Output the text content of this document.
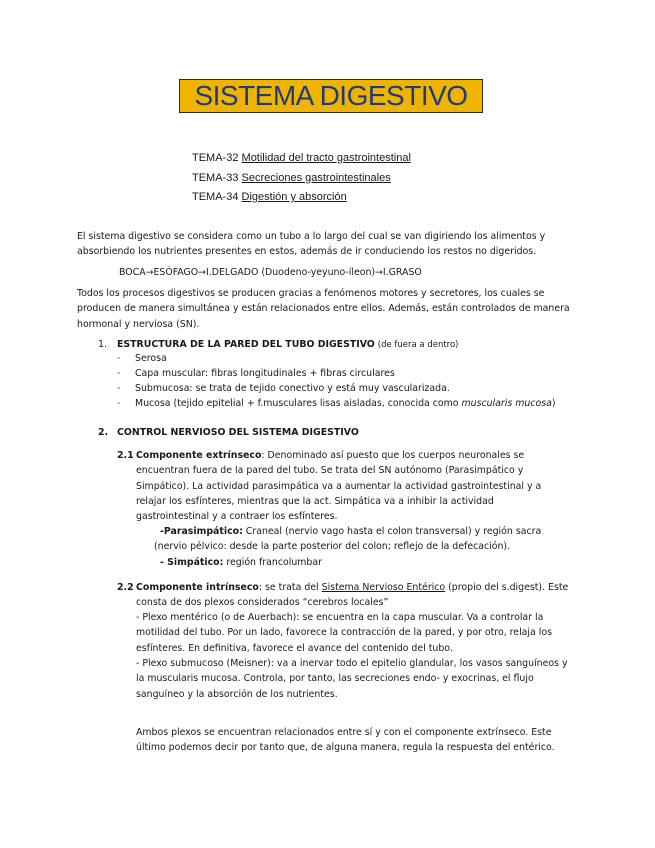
SISTEMA DIGESTIVO
TEMA-32 Motilidad del tracto gastrointestinal
TEMA-33 Secreciones gastrointestinales
TEMA-34 Digestión y absorción

El sistema digestivo se considera como un tubo a lo largo del cual se van digiriendo los alimentos y absorbiendo los nutrientes presentes en estos, además de ir conduciendo los restos no digeridos.

BOCA→ESÓFAGO→I.DELGADO (Duodeno-yeyuno-íleon)→I.GRASO

Todos los procesos digestivos se producen gracias a fenómenos motores y secretores, los cuales se producen de manera simultánea y están relacionados entre ellos. Además, están controlados de manera hormonal y nerviosa (SN).

1. ESTRUCTURA DE LA PARED DEL TUBO DIGESTIVO (de fuera a dentro)
- Serosa
- Capa muscular: fibras longitudinales + fibras circulares
- Submucosa: se trata de tejido conectivo y está muy vascularizada.
- Mucosa (tejido epitelial + f.musculares lisas aisladas, conocida como muscularis mucosa)
2. CONTROL NERVIOSO DEL SISTEMA DIGESTIVO
2.1 Componente extrínseco: Denominado así puesto que los cuerpos neuronales se encuentran fuera de la pared del tubo. Se trata del SN autónomo (Parasimpático y Simpático). La actividad parasimpática va a aumentar la actividad gastrointestinal y a relajar los esfínteres, mientras que la act. Simpática va a inhibir la actividad gastrointestinal y a contraer los esfínteres.

-Parasimpático: Craneal (nervio vago hasta el colon transversal) y región sacra (nervio pélvico: desde la parte posterior del colon; reflejo de la defecación).

- Simpático: región francolumbar

2.2 Componente intrínseco: se trata del Sistema Nervioso Entérico (propio del s.digest). Este consta de dos plexos considerados “cerebros locales”

- Plexo mentérico (o de Auerbach): se encuentra en la capa muscular. Va a controlar la motilidad del tubo. Por un lado, favorece la contracción de la pared, y por otro, relaja los esfínteres. En definitiva, favorece el avance del contenido del tubo.

- Plexo submucoso (Meisner): va a inervar todo el epitelio glandular, los vasos sanguíneos y la muscularis mucosa. Controla, por tanto, las secreciones endo- y exocrinas, el flujo sanguíneo y la absorción de los nutrientes.

Ambos plexos se encuentran relacionados entre sí y con el componente extrínseco. Este último podemos decir por tanto que, de alguna manera, regula la respuesta del entérico.
